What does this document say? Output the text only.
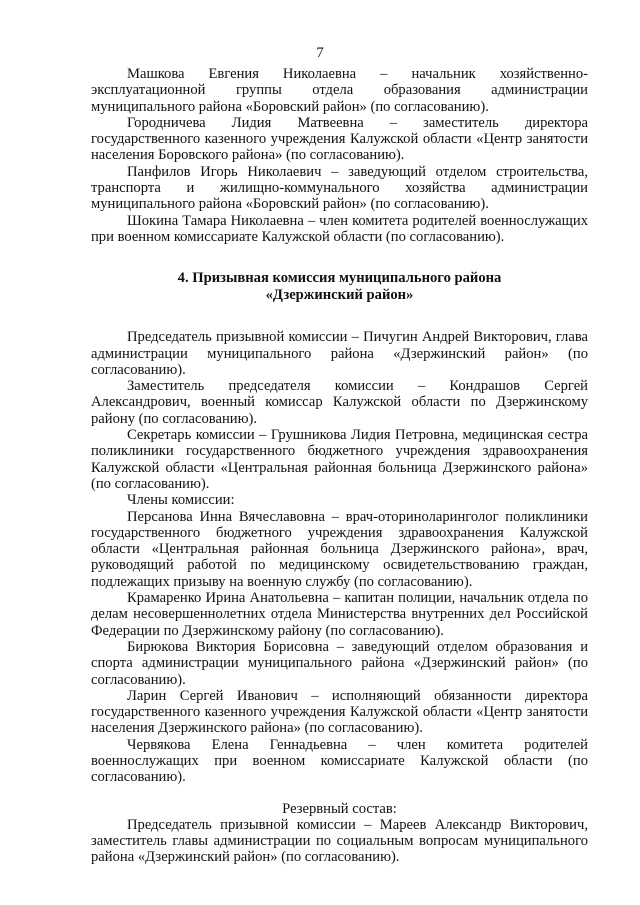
7

Машкова Евгения Николаевна – начальник хозяйственно-эксплуатационной группы отдела образования администрации муниципального района «Боровский район» (по согласованию).

Городничева Лидия Матвеевна – заместитель директора государственного казенного учреждения Калужской области «Центр занятости населения Боровского района» (по согласованию).

Панфилов Игорь Николаевич – заведующий отделом строительства, транспорта и жилищно-коммунального хозяйства администрации муниципального района «Боровский район» (по согласованию).

Шокина Тамара Николаевна – член комитета родителей военнослужащих при военном комиссариате Калужской области (по согласованию).

4. Призывная комиссия муниципального района

«Дзержинский район»

Председатель призывной комиссии – Пичугин Андрей Викторович, глава администрации муниципального района «Дзержинский район» (по согласованию).

Заместитель председателя комиссии – Кондрашов Сергей Александрович, военный комиссар Калужской области по Дзержинскому району (по согласованию).

Секретарь комиссии – Грушникова Лидия Петровна, медицинская сестра поликлиники государственного бюджетного учреждения здравоохранения Калужской области «Центральная районная больница Дзержинского района» (по согласованию).

Члены комиссии:

Персанова Инна Вячеславовна – врач-оториноларинголог поликлиники государственного бюджетного учреждения здравоохранения Калужской области «Центральная районная больница Дзержинского района», врач, руководящий работой по медицинскому освидетельствованию граждан, подлежащих призыву на военную службу (по согласованию).

Крамаренко Ирина Анатольевна – капитан полиции, начальник отдела по делам несовершеннолетних отдела Министерства внутренних дел Российской Федерации по Дзержинскому району (по согласованию).

Бирюкова Виктория Борисовна – заведующий отделом образования и спорта администрации муниципального района «Дзержинский район» (по согласованию).

Ларин Сергей Иванович – исполняющий обязанности директора государственного казенного учреждения Калужской области «Центр занятости населения Дзержинского района» (по согласованию).

Червякова Елена Геннадьевна – член комитета родителей военнослужащих при военном комиссариате Калужской области (по согласованию).

Резервный состав:

Председатель призывной комиссии – Мареев Александр Викторович, заместитель главы администрации по социальным вопросам муниципального района «Дзержинский район» (по согласованию).
